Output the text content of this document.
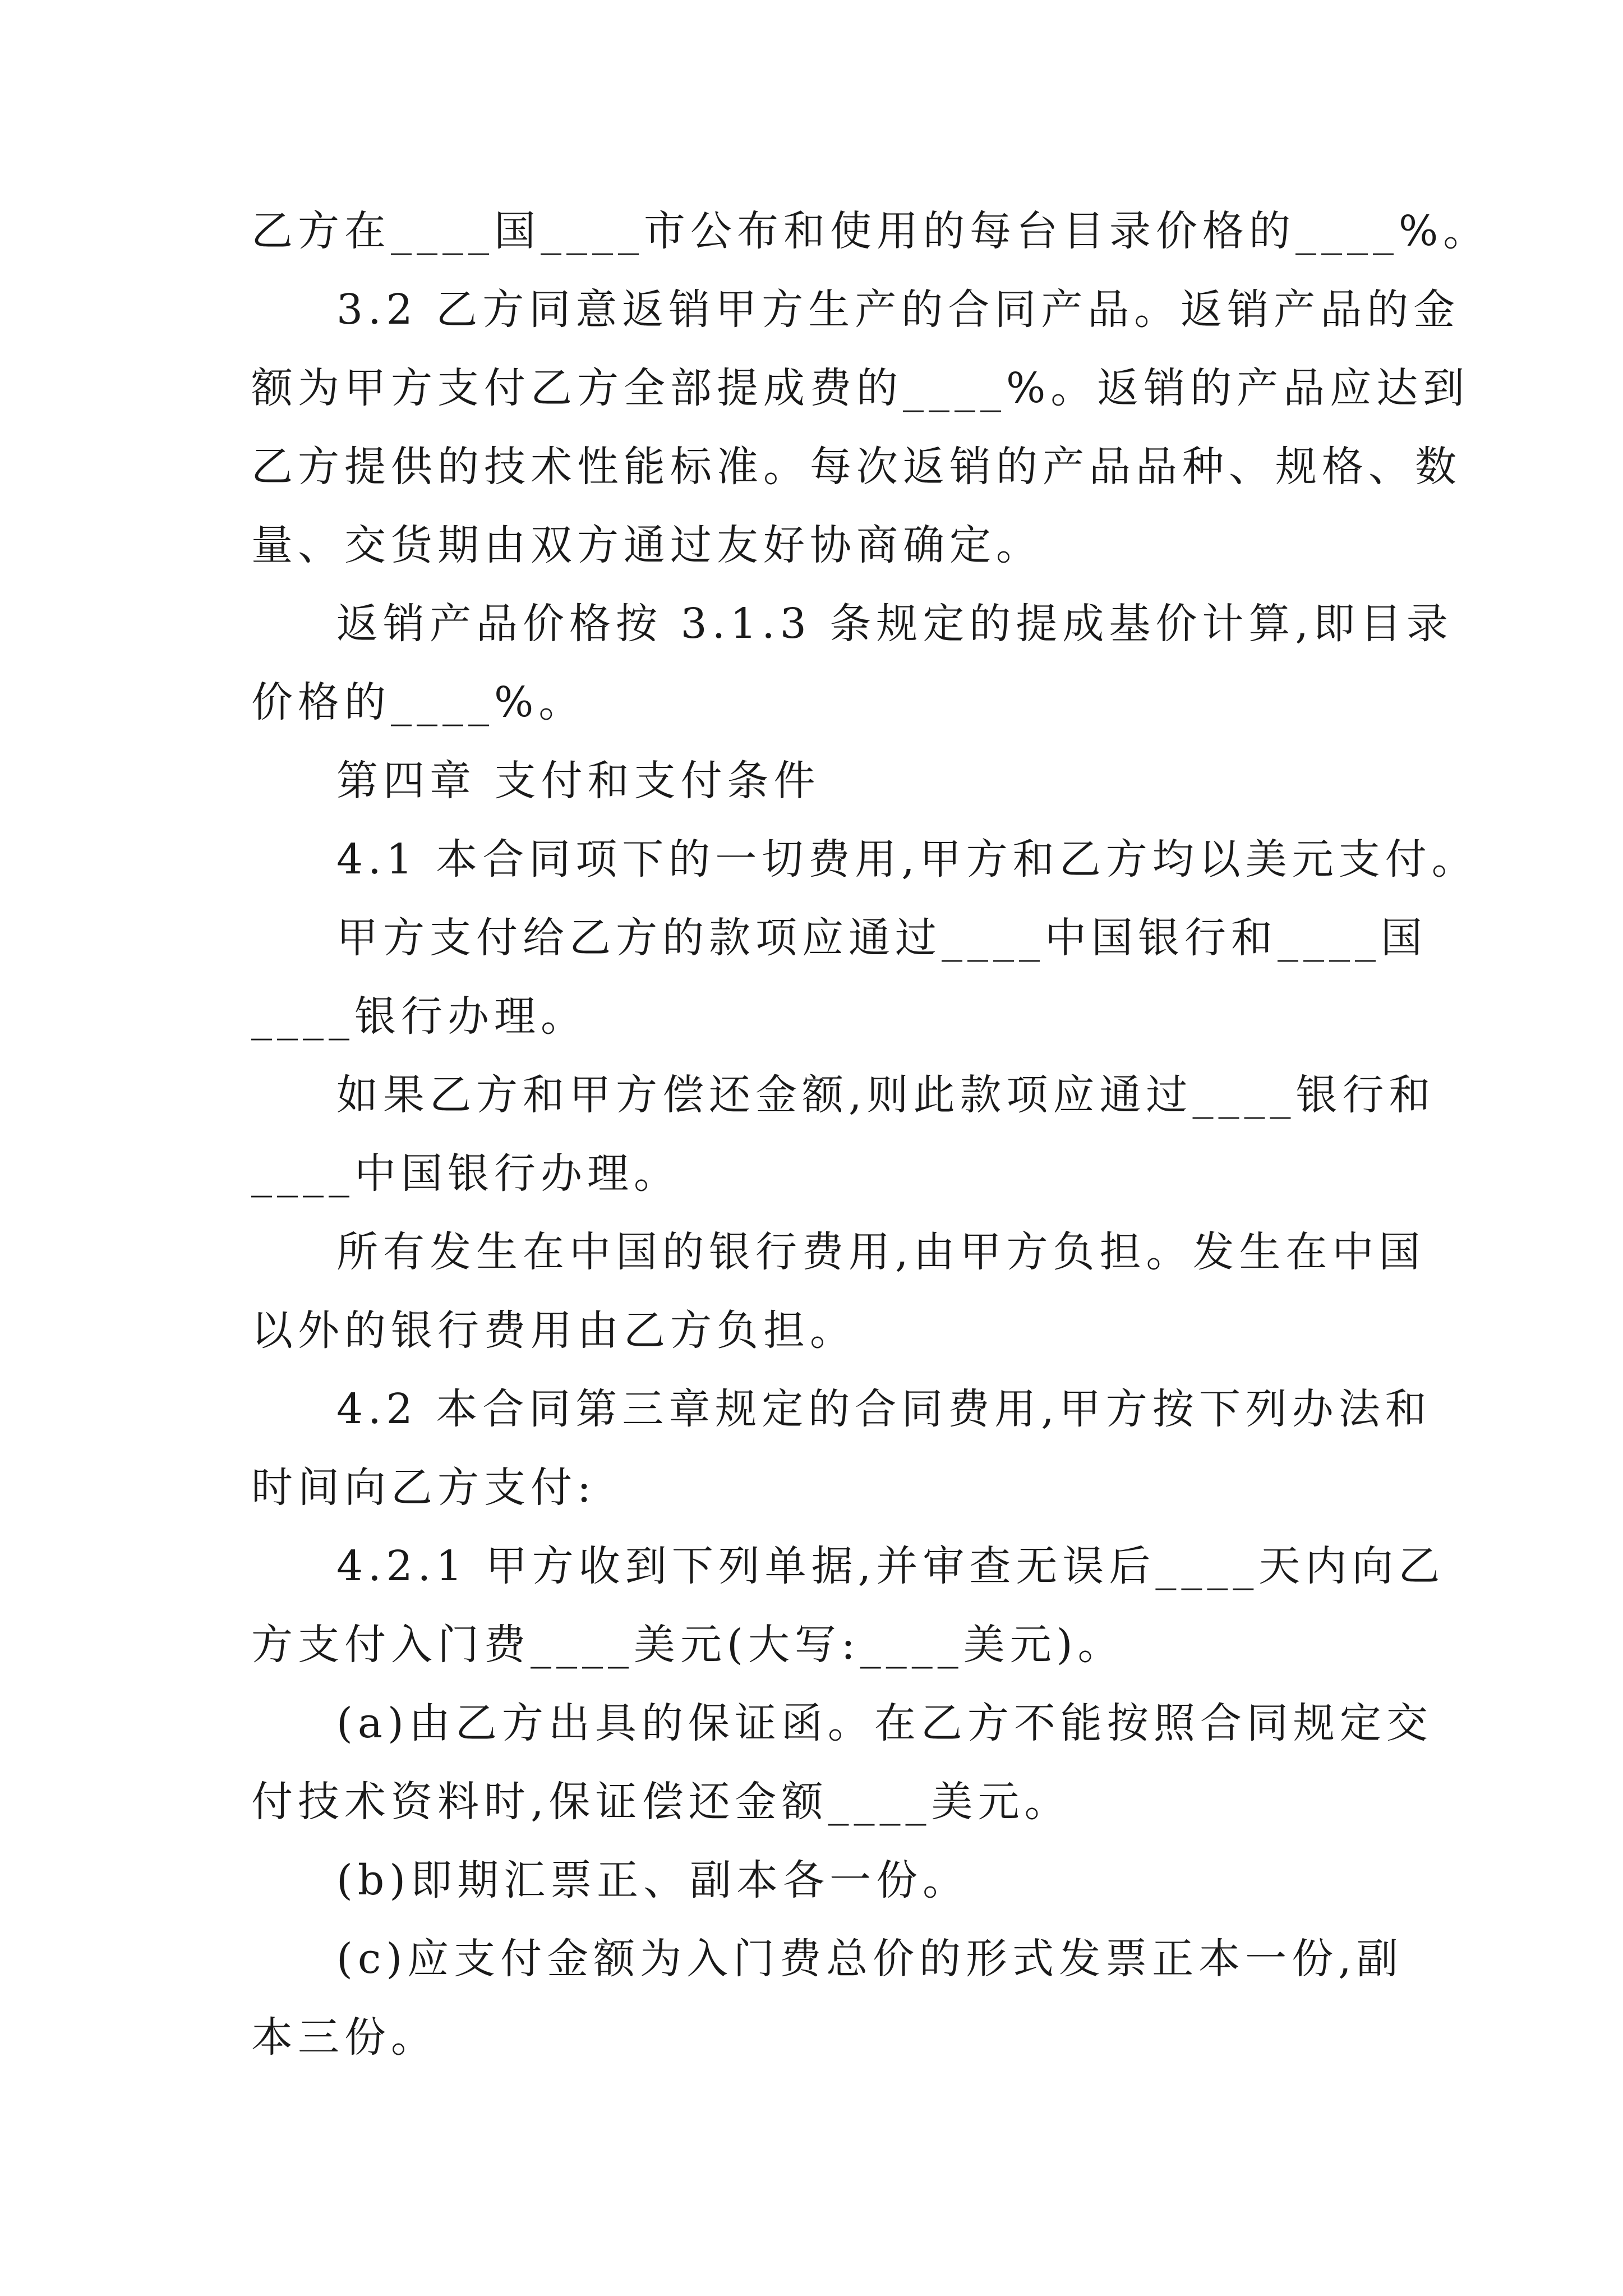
乙方在____国____市公布和使用的每台目录价格的____%。
3.2 乙方同意返销甲方生产的合同产品。返销产品的金
额为甲方支付乙方全部提成费的____%。返销的产品应达到
乙方提供的技术性能标准。每次返销的产品品种、规格、数
量、交货期由双方通过友好协商确定。
返销产品价格按 3.1.3 条规定的提成基价计算,即目录
价格的____%。
第四章 支付和支付条件
4.1 本合同项下的一切费用,甲方和乙方均以美元支付。
甲方支付给乙方的款项应通过____中国银行和____国
____银行办理。
如果乙方和甲方偿还金额,则此款项应通过____银行和
____中国银行办理。
所有发生在中国的银行费用,由甲方负担。发生在中国
以外的银行费用由乙方负担。
4.2 本合同第三章规定的合同费用,甲方按下列办法和
时间向乙方支付:
4.2.1 甲方收到下列单据,并审查无误后____天内向乙
方支付入门费____美元(大写:____美元)。
(a)由乙方出具的保证函。在乙方不能按照合同规定交
付技术资料时,保证偿还金额____美元。
(b)即期汇票正、副本各一份。
(c)应支付金额为入门费总价的形式发票正本一份,副
本三份。
